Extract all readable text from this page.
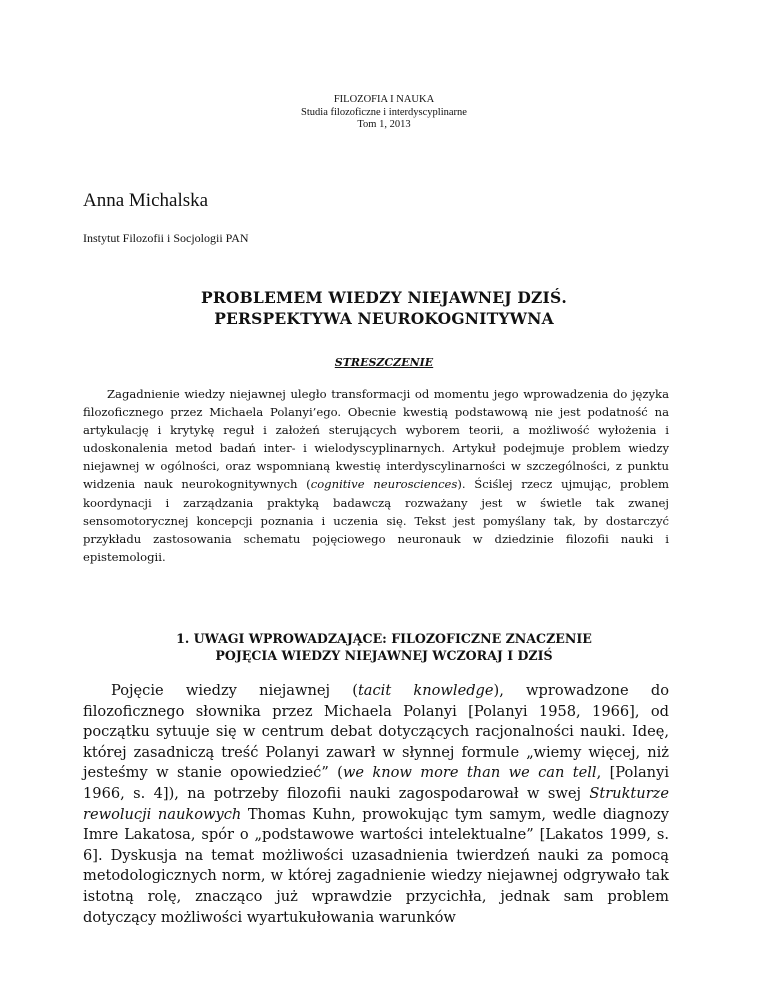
FILOZOFIA I NAUKA
Studia filozoficzne i interdyscyplinarne
Tom 1, 2013
Anna Michalska
Instytut Filozofii i Socjologii PAN
PROBLEMEM WIEDZY NIEJAWNEJ DZIŚ.
PERSPEKTYWA NEUROKOGNITYWNA
STRESZCZENIE

Zagadnienie wiedzy niejawnej uległo transformacji od momentu jego wprowadzenia do języka filozoficznego przez Michaela Polanyi’ego. Obecnie kwestią podstawową nie jest podatność na artykulację i krytykę reguł i założeń sterujących wyborem teorii, a możliwość wyłożenia i udoskonalenia metod badań inter- i wielodyscyplinarnych. Artykuł podejmuje problem wiedzy niejawnej w ogólności, oraz wspomnianą kwestię interdyscylinarności w szczególności, z punktu widzenia nauk neurokognitywnych (cognitive neurosciences). Ściślej rzecz ujmując, problem koordynacji i zarządzania praktyką badawczą rozważany jest w świetle tak zwanej sensomotorycznej koncepcji poznania i uczenia się. Tekst jest pomyślany tak, by dostarczyć przykładu zastosowania schematu pojęciowego neuronauk w dziedzinie filozofii nauki i epistemologii.

1. UWAGI WPROWADZAJĄCE: FILOZOFICZNE ZNACZENIE
POJĘCIA WIEDZY NIEJAWNEJ WCZORAJ I DZIŚ

Pojęcie wiedzy niejawnej (tacit knowledge), wprowadzone do filozoficznego słownika przez Michaela Polanyi [Polanyi 1958, 1966], od początku sytuuje się w centrum debat dotyczących racjonalności nauki. Ideę, której zasadniczą treść Polanyi zawarł w słynnej formule „wiemy więcej, niż jesteśmy w stanie opowiedzieć” (we know more than we can tell, [Polanyi 1966, s. 4]), na potrzeby filozofii nauki zagospodarował w swej Strukturze rewolucji naukowych Thomas Kuhn, prowokując tym samym, wedle diagnozy Imre Lakatosa, spór o „podstawowe wartości intelektualne” [Lakatos 1999, s. 6]. Dyskusja na temat możliwości uzasadnienia twierdzeń nauki za pomocą metodologicznych norm, w której zagadnienie wiedzy niejawnej odgrywało tak istotną rolę, znacząco już wprawdzie przycichła, jednak sam problem dotyczący możliwości wyartukułowania warunków
